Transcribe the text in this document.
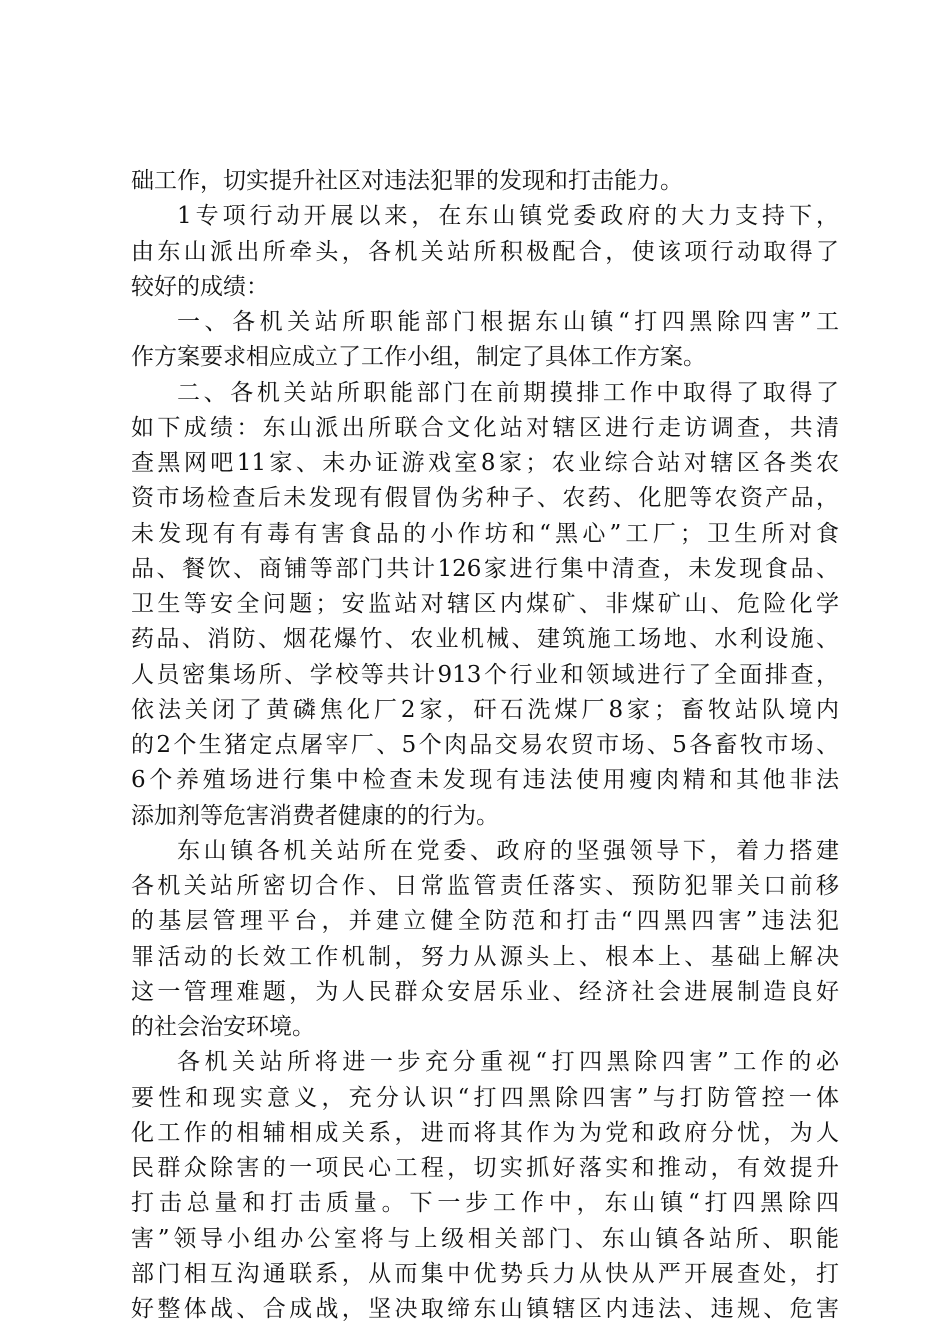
础工作，切实提升社区对违法犯罪的发现和打击能力。
1专项行动开展以来，在东山镇党委政府的大力支持下，
由东山派出所牵头，各机关站所积极配合，使该项行动取得了
较好的成绩：
一、各机关站所职能部门根据东山镇“打四黑除四害”工
作方案要求相应成立了工作小组，制定了具体工作方案。
二、各机关站所职能部门在前期摸排工作中取得了取得了
如下成绩：东山派出所联合文化站对辖区进行走访调查，共清
查黑网吧11家、未办证游戏室8家；农业综合站对辖区各类农
资市场检查后未发现有假冒伪劣种子、农药、化肥等农资产品，
未发现有有毒有害食品的小作坊和“黑心”工厂；卫生所对食
品、餐饮、商铺等部门共计126家进行集中清查，未发现食品、
卫生等安全问题；安监站对辖区内煤矿、非煤矿山、危险化学
药品、消防、烟花爆竹、农业机械、建筑施工场地、水利设施、
人员密集场所、学校等共计913个行业和领域进行了全面排查，
依法关闭了黄磷焦化厂2家，矸石洗煤厂8家；畜牧站队境内
的2个生猪定点屠宰厂、5个肉品交易农贸市场、5各畜牧市场、
6个养殖场进行集中检查未发现有违法使用瘦肉精和其他非法
添加剂等危害消费者健康的的行为。
东山镇各机关站所在党委、政府的坚强领导下，着力搭建
各机关站所密切合作、日常监管责任落实、预防犯罪关口前移
的基层管理平台，并建立健全防范和打击“四黑四害”违法犯
罪活动的长效工作机制，努力从源头上、根本上、基础上解决
这一管理难题，为人民群众安居乐业、经济社会进展制造良好
的社会治安环境。
各机关站所将进一步充分重视“打四黑除四害”工作的必
要性和现实意义，充分认识“打四黑除四害”与打防管控一体
化工作的相辅相成关系，进而将其作为为党和政府分忧，为人
民群众除害的一项民心工程，切实抓好落实和推动，有效提升
打击总量和打击质量。下一步工作中，东山镇“打四黑除四
害”领导小组办公室将与上级相关部门、东山镇各站所、职能
部门相互沟通联系，从而集中优势兵力从快从严开展查处，打
好整体战、合成战，坚决取缔东山镇辖区内违法、违规、危害
